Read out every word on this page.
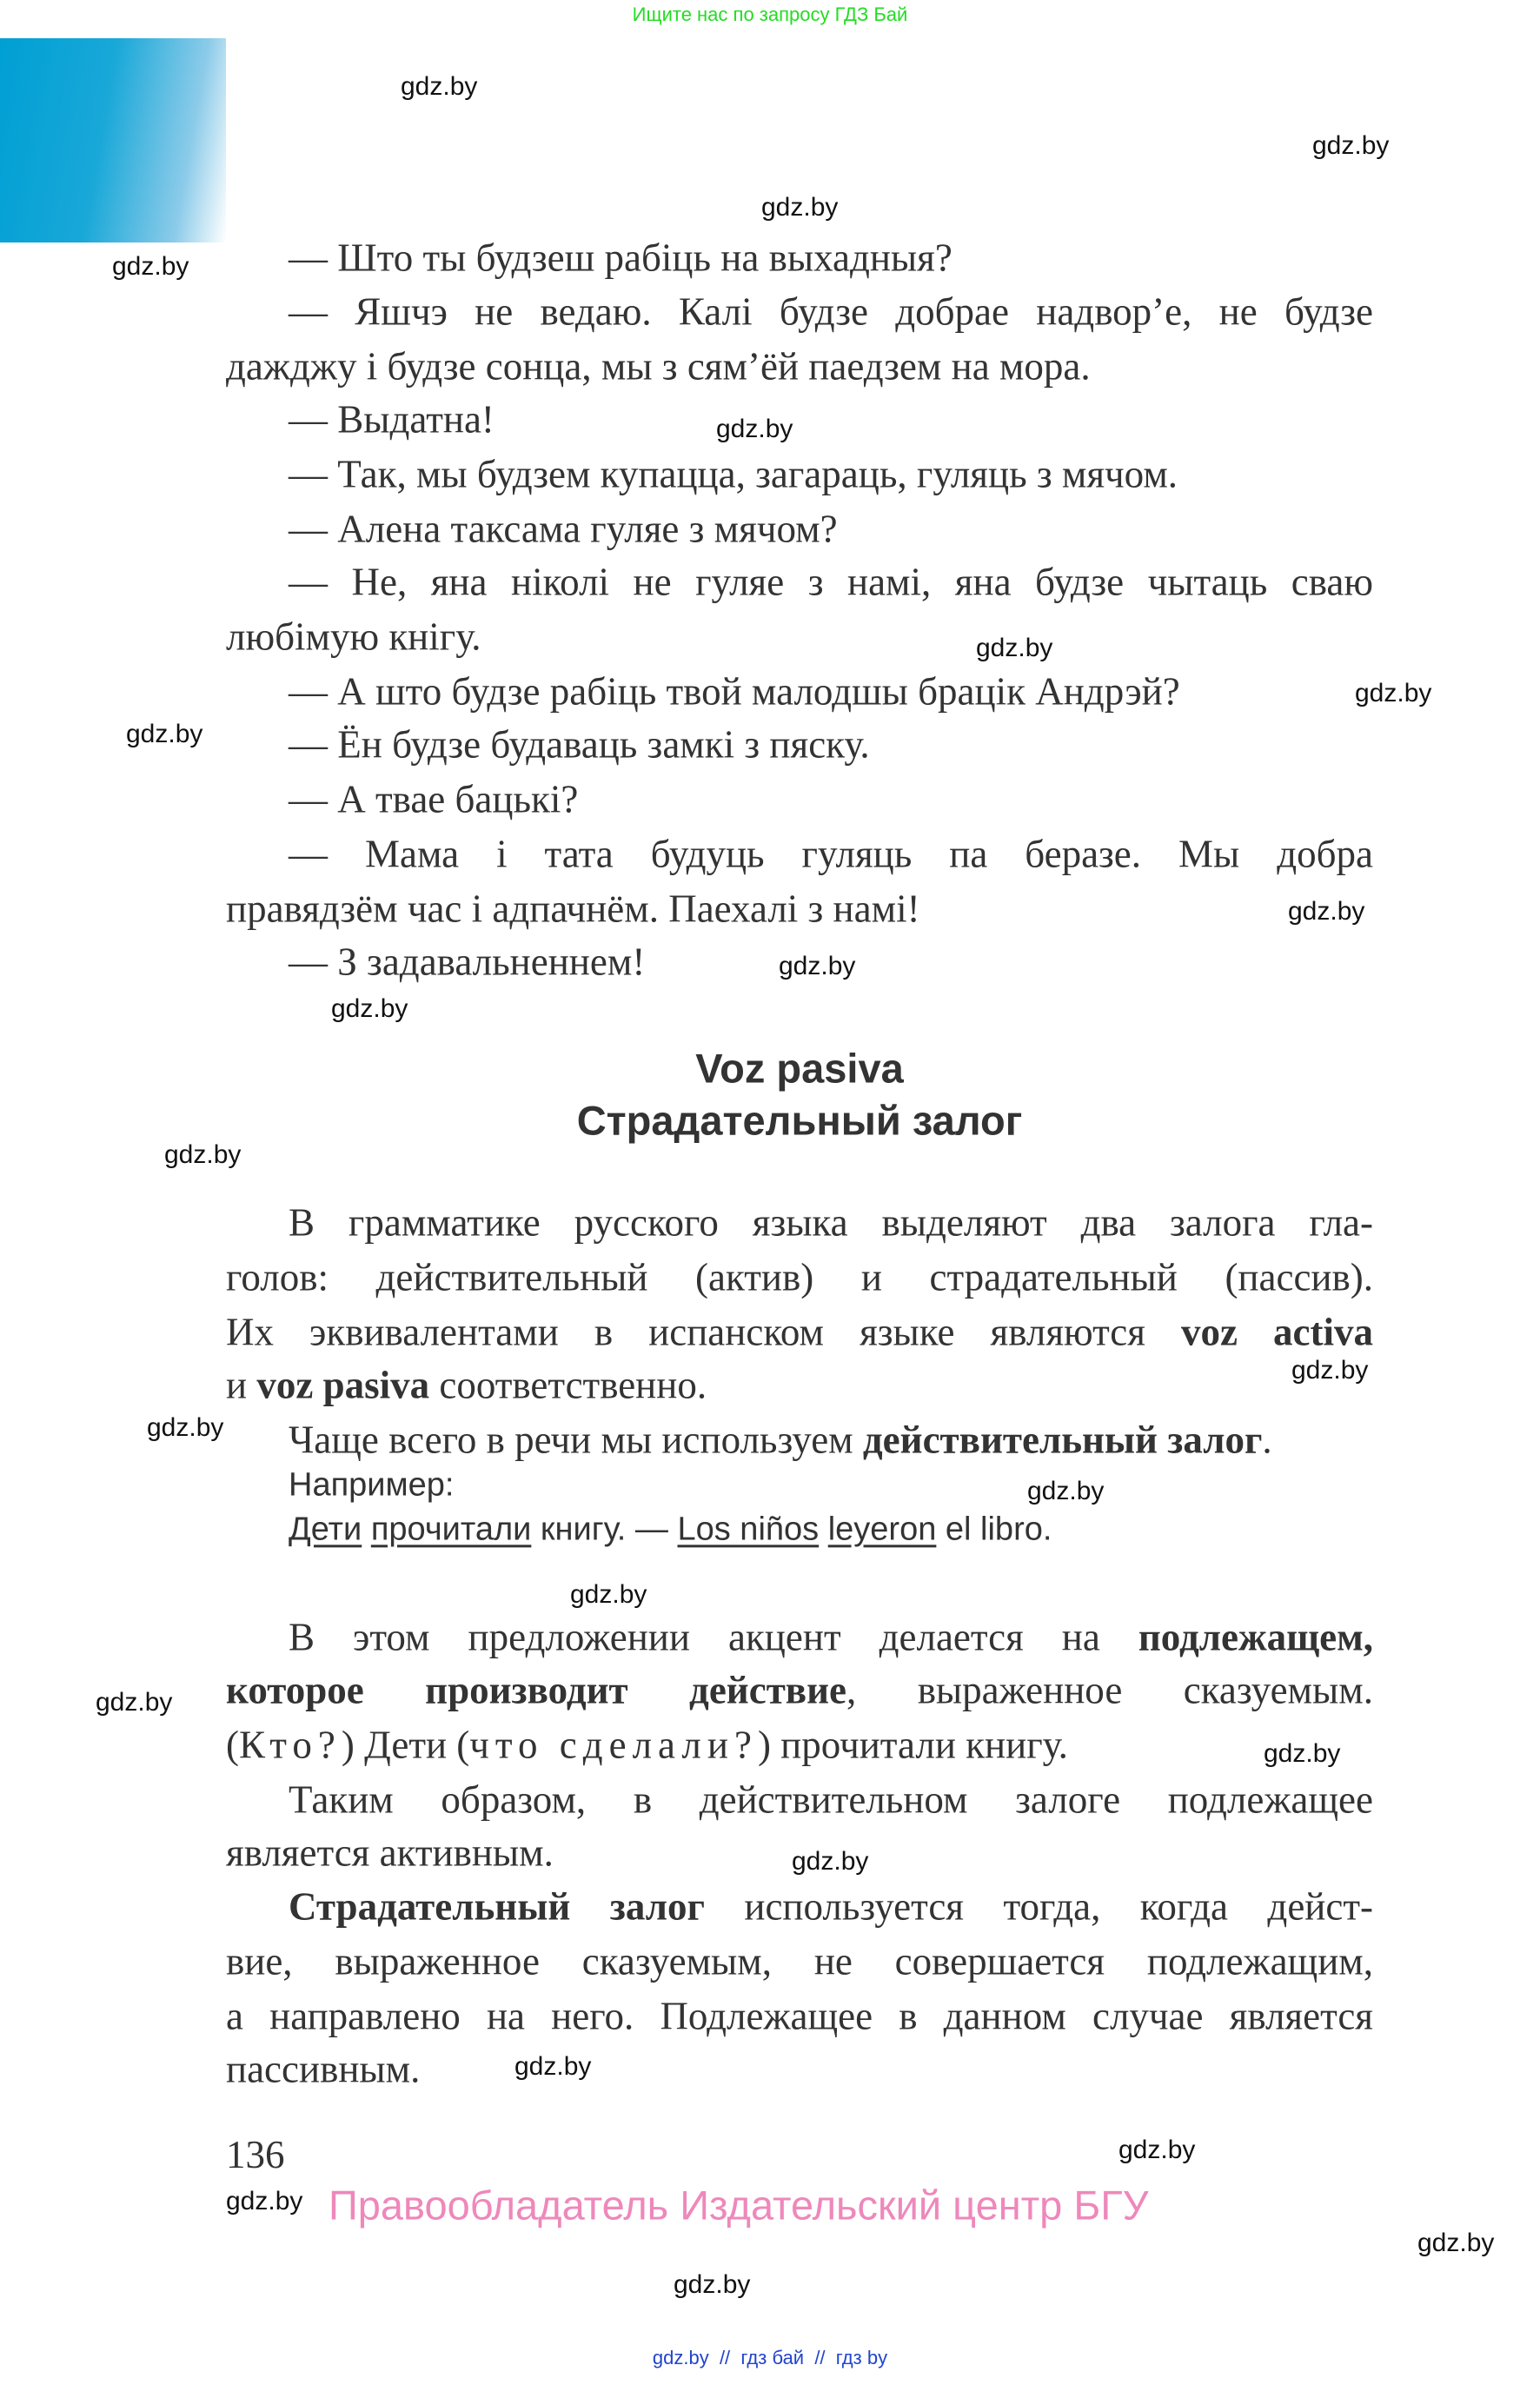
Ищите нас по запросу ГДЗ Бай
gdz.by
gdz.by
gdz.by
gdz.by
gdz.by
gdz.by
gdz.by
gdz.by
gdz.by
gdz.by
gdz.by
gdz.by
gdz.by
gdz.by
gdz.by
gdz.by
gdz.by
gdz.by
gdz.by
gdz.by
gdz.by
gdz.by
gdz.by
gdz.by
— Што ты будзеш рабіць на выхадныя?
— Яшчэ не ведаю. Калі будзе добрае надвор’е, не будзе
дажджу і будзе сонца, мы з сям’ёй паедзем на мора.
— Выдатна!
— Так, мы будзем купацца, загараць, гуляць з мячом.
— Алена таксама гуляе з мячом?
— Не, яна ніколі не гуляе з намі, яна будзе чытаць сваю
любімую кнігу.
— А што будзе рабіць твой малодшы брацік Андрэй?
— Ён будзе будаваць замкі з пяску.
— А твае бацькі?
— Мама і тата будуць гуляць па беразе. Мы добра
правядзём час і адпачнём. Паехалі з намі!
— З задавальненнем!
В грамматике русского языка выделяют два залога гла-
голов: действительный (актив) и страдательный (пассив).
Их эквивалентами в испанском языке являются voz activa
и voz pasiva соответственно.
Чаще всего в речи мы используем действительный залог.
Например:
Дети прочитали книгу. — Los niños leyeron el libro.
В этом предложении акцент делается на подлежащем,
которое производит действие, выраженное сказуемым.
(Кто?) Дети (что сделали?) прочитали книгу.
Таким образом, в действительном залоге подлежащее
является активным.
Страдательный залог используется тогда, когда дейст-
вие, выраженное сказуемым, не совершается подлежащим,
а направлено на него. Подлежащее в данном случае является
пассивным.
Voz pasiva
Страдательный залог
136
Правообладатель Издательский центр БГУ
gdz.by  //  гдз бай  //  гдз by
